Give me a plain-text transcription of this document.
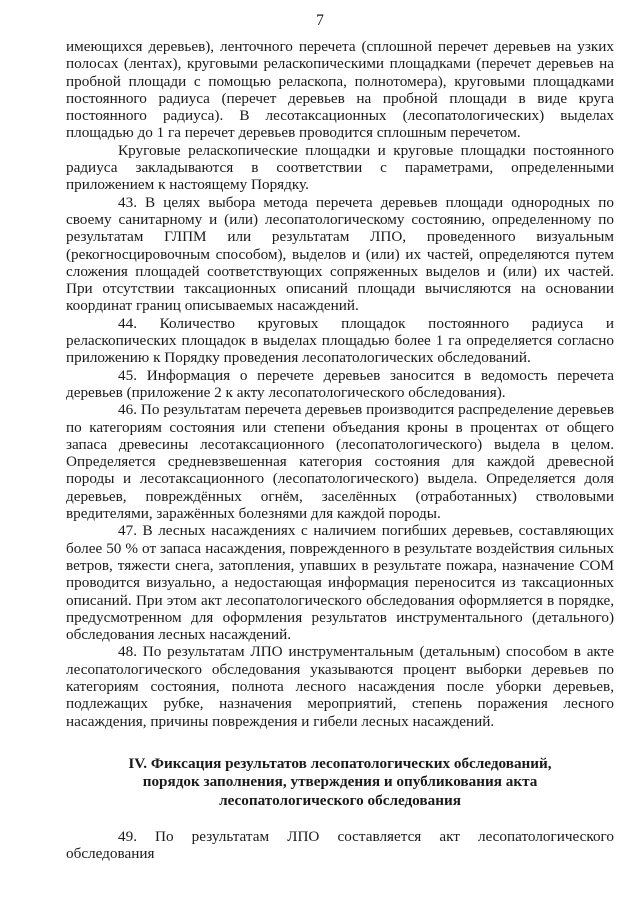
7

имеющихся деревьев), ленточного перечета (сплошной перечет деревьев на узких полосах (лентах), круговыми реласкопическими площадками (перечет деревьев на пробной площади с помощью реласкопа, полнотомера), круговыми площадками постоянного радиуса (перечет деревьев на пробной площади в виде круга постоянного радиуса). В лесотаксационных (лесопатологических) выделах площадью до 1 га перечет деревьев проводится сплошным перечетом.

Круговые реласкопические площадки и круговые площадки постоянного радиуса закладываются в соответствии с параметрами, определенными приложением к настоящему Порядку.

43. В целях выбора метода перечета деревьев площади однородных по своему санитарному и (или) лесопатологическому состоянию, определенному по результатам ГЛПМ или результатам ЛПО, проведенного визуальным (рекогносцировочным способом), выделов и (или) их частей, определяются путем сложения площадей соответствующих сопряженных выделов и (или) их частей. При отсутствии таксационных описаний площади вычисляются на основании координат границ описываемых насаждений.

44. Количество круговых площадок постоянного радиуса и реласкопических площадок в выделах площадью более 1 га определяется согласно приложению к Порядку проведения лесопатологических обследований.

45. Информация о перечете деревьев заносится в ведомость перечета деревьев (приложение 2 к акту лесопатологического обследования).

46. По результатам перечета деревьев производится распределение деревьев по категориям состояния или степени объедания кроны в процентах от общего запаса древесины лесотаксационного (лесопатологического) выдела в целом. Определяется средневзвешенная категория состояния для каждой древесной породы и лесотаксационного (лесопатологического) выдела. Определяется доля деревьев, повреждённых огнём, заселённых (отработанных) стволовыми вредителями, заражённых болезнями для каждой породы.

47. В лесных насаждениях с наличием погибших деревьев, составляющих более 50 % от запаса насаждения, поврежденного в результате воздействия сильных ветров, тяжести снега, затопления, упавших в результате пожара, назначение СОМ проводится визуально, а недостающая информация переносится из таксационных описаний. При этом акт лесопатологического обследования оформляется в порядке, предусмотренном для оформления результатов инструментального (детального) обследования лесных насаждений.

48. По результатам ЛПО инструментальным (детальным) способом в акте лесопатологического обследования указываются процент выборки деревьев по категориям состояния, полнота лесного насаждения после уборки деревьев, подлежащих рубке, назначения мероприятий, степень поражения лесного насаждения, причины повреждения и гибели лесных насаждений.

IV. Фиксация результатов лесопатологических обследований,
порядок заполнения, утверждения и опубликования акта
лесопатологического обследования

49. По результатам ЛПО составляется акт лесопатологического обследования
